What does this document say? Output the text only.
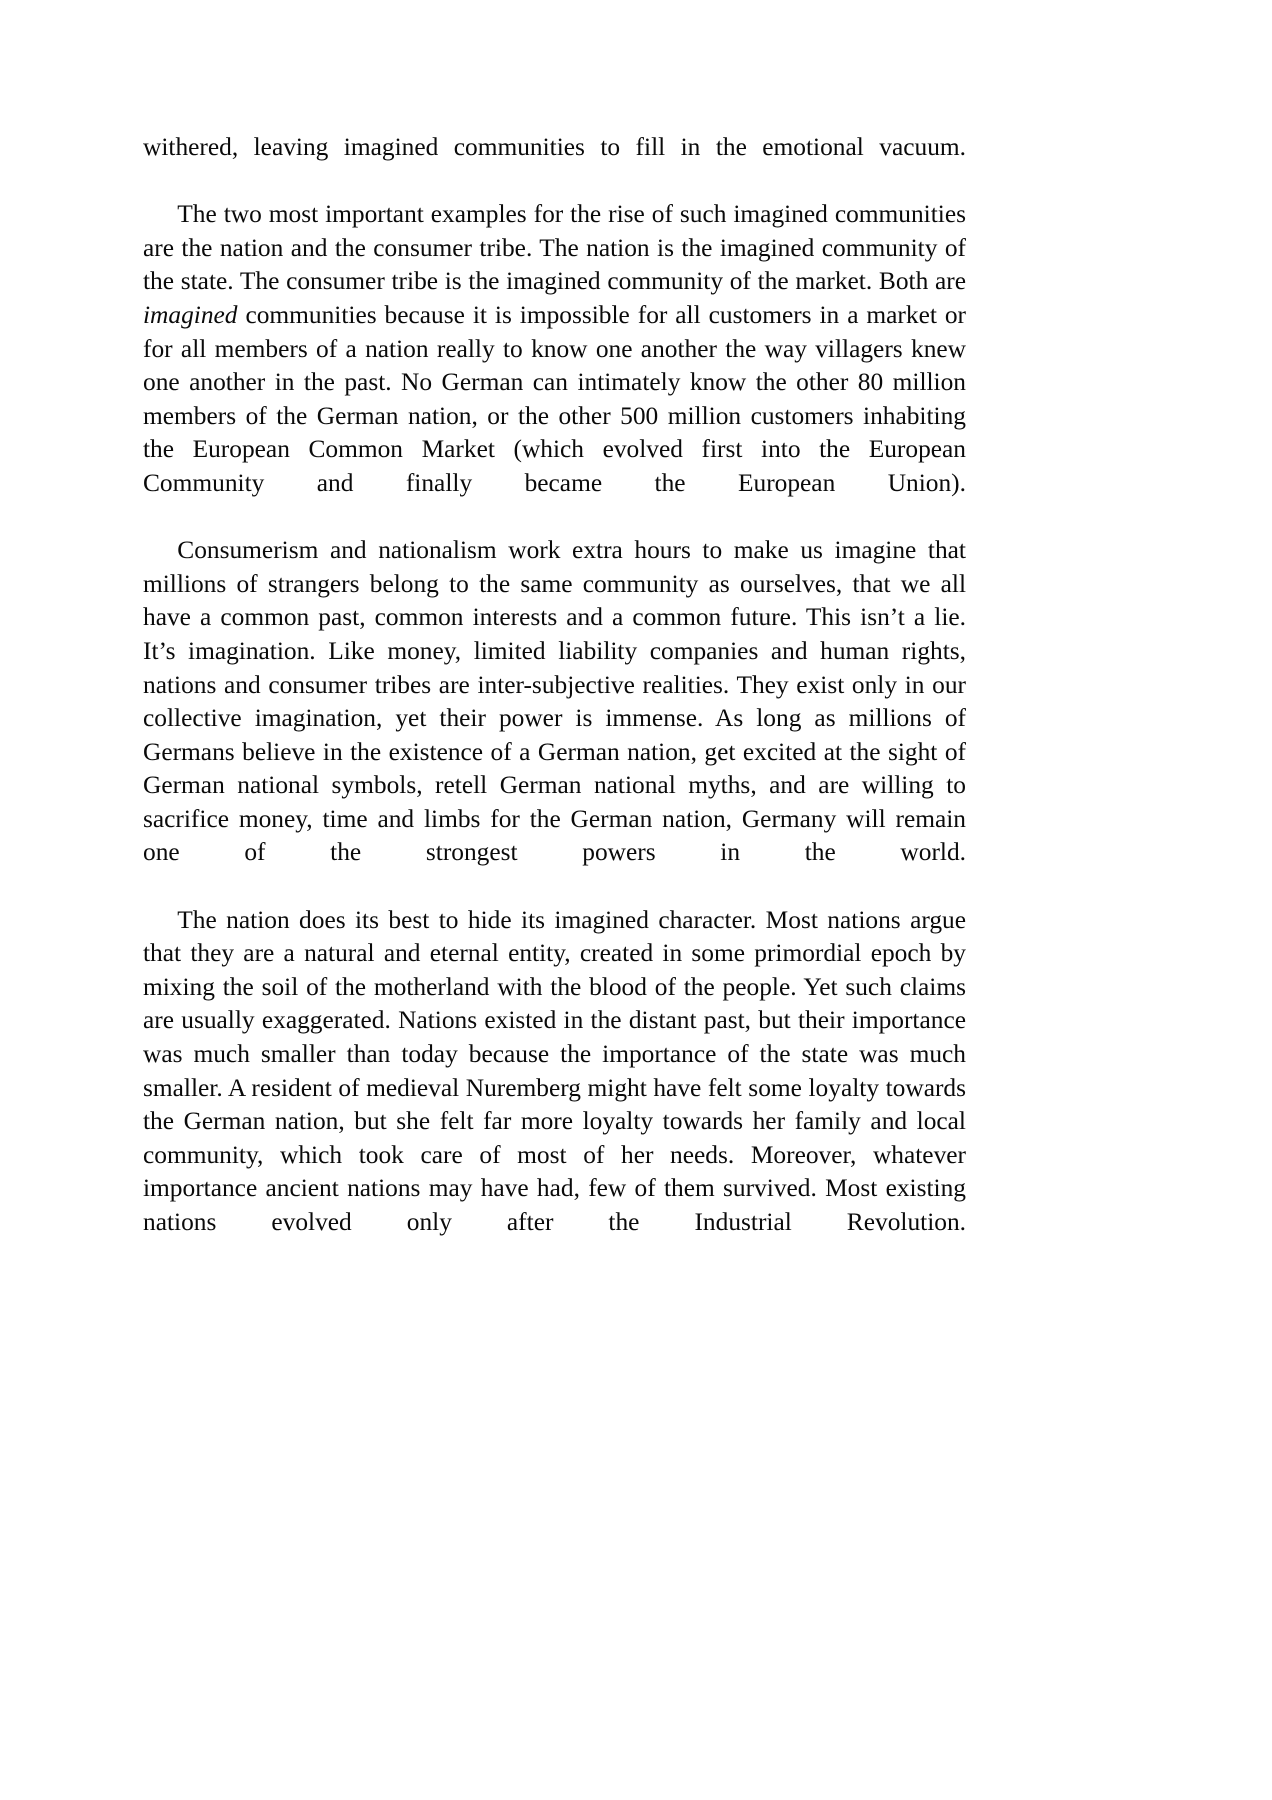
withered, leaving imagined communities to fill in the emotional vacuum.

The two most important examples for the rise of such imagined communities are the nation and the consumer tribe. The nation is the imagined community of the state. The consumer tribe is the imagined community of the market. Both are imagined communities because it is impossible for all customers in a market or for all members of a nation really to know one another the way villagers knew one another in the past. No German can intimately know the other 80 million members of the German nation, or the other 500 million customers inhabiting the European Common Market (which evolved first into the European Community and finally became the European Union).

Consumerism and nationalism work extra hours to make us imagine that millions of strangers belong to the same community as ourselves, that we all have a common past, common interests and a common future. This isn’t a lie. It’s imagination. Like money, limited liability companies and human rights, nations and consumer tribes are inter-subjective realities. They exist only in our collective imagination, yet their power is immense. As long as millions of Germans believe in the existence of a German nation, get excited at the sight of German national symbols, retell German national myths, and are willing to sacrifice money, time and limbs for the German nation, Germany will remain one of the strongest powers in the world.

The nation does its best to hide its imagined character. Most nations argue that they are a natural and eternal entity, created in some primordial epoch by mixing the soil of the motherland with the blood of the people. Yet such claims are usually exaggerated. Nations existed in the distant past, but their importance was much smaller than today because the importance of the state was much smaller. A resident of medieval Nuremberg might have felt some loyalty towards the German nation, but she felt far more loyalty towards her family and local community, which took care of most of her needs. Moreover, whatever importance ancient nations may have had, few of them survived. Most existing nations evolved only after the Industrial Revolution.
